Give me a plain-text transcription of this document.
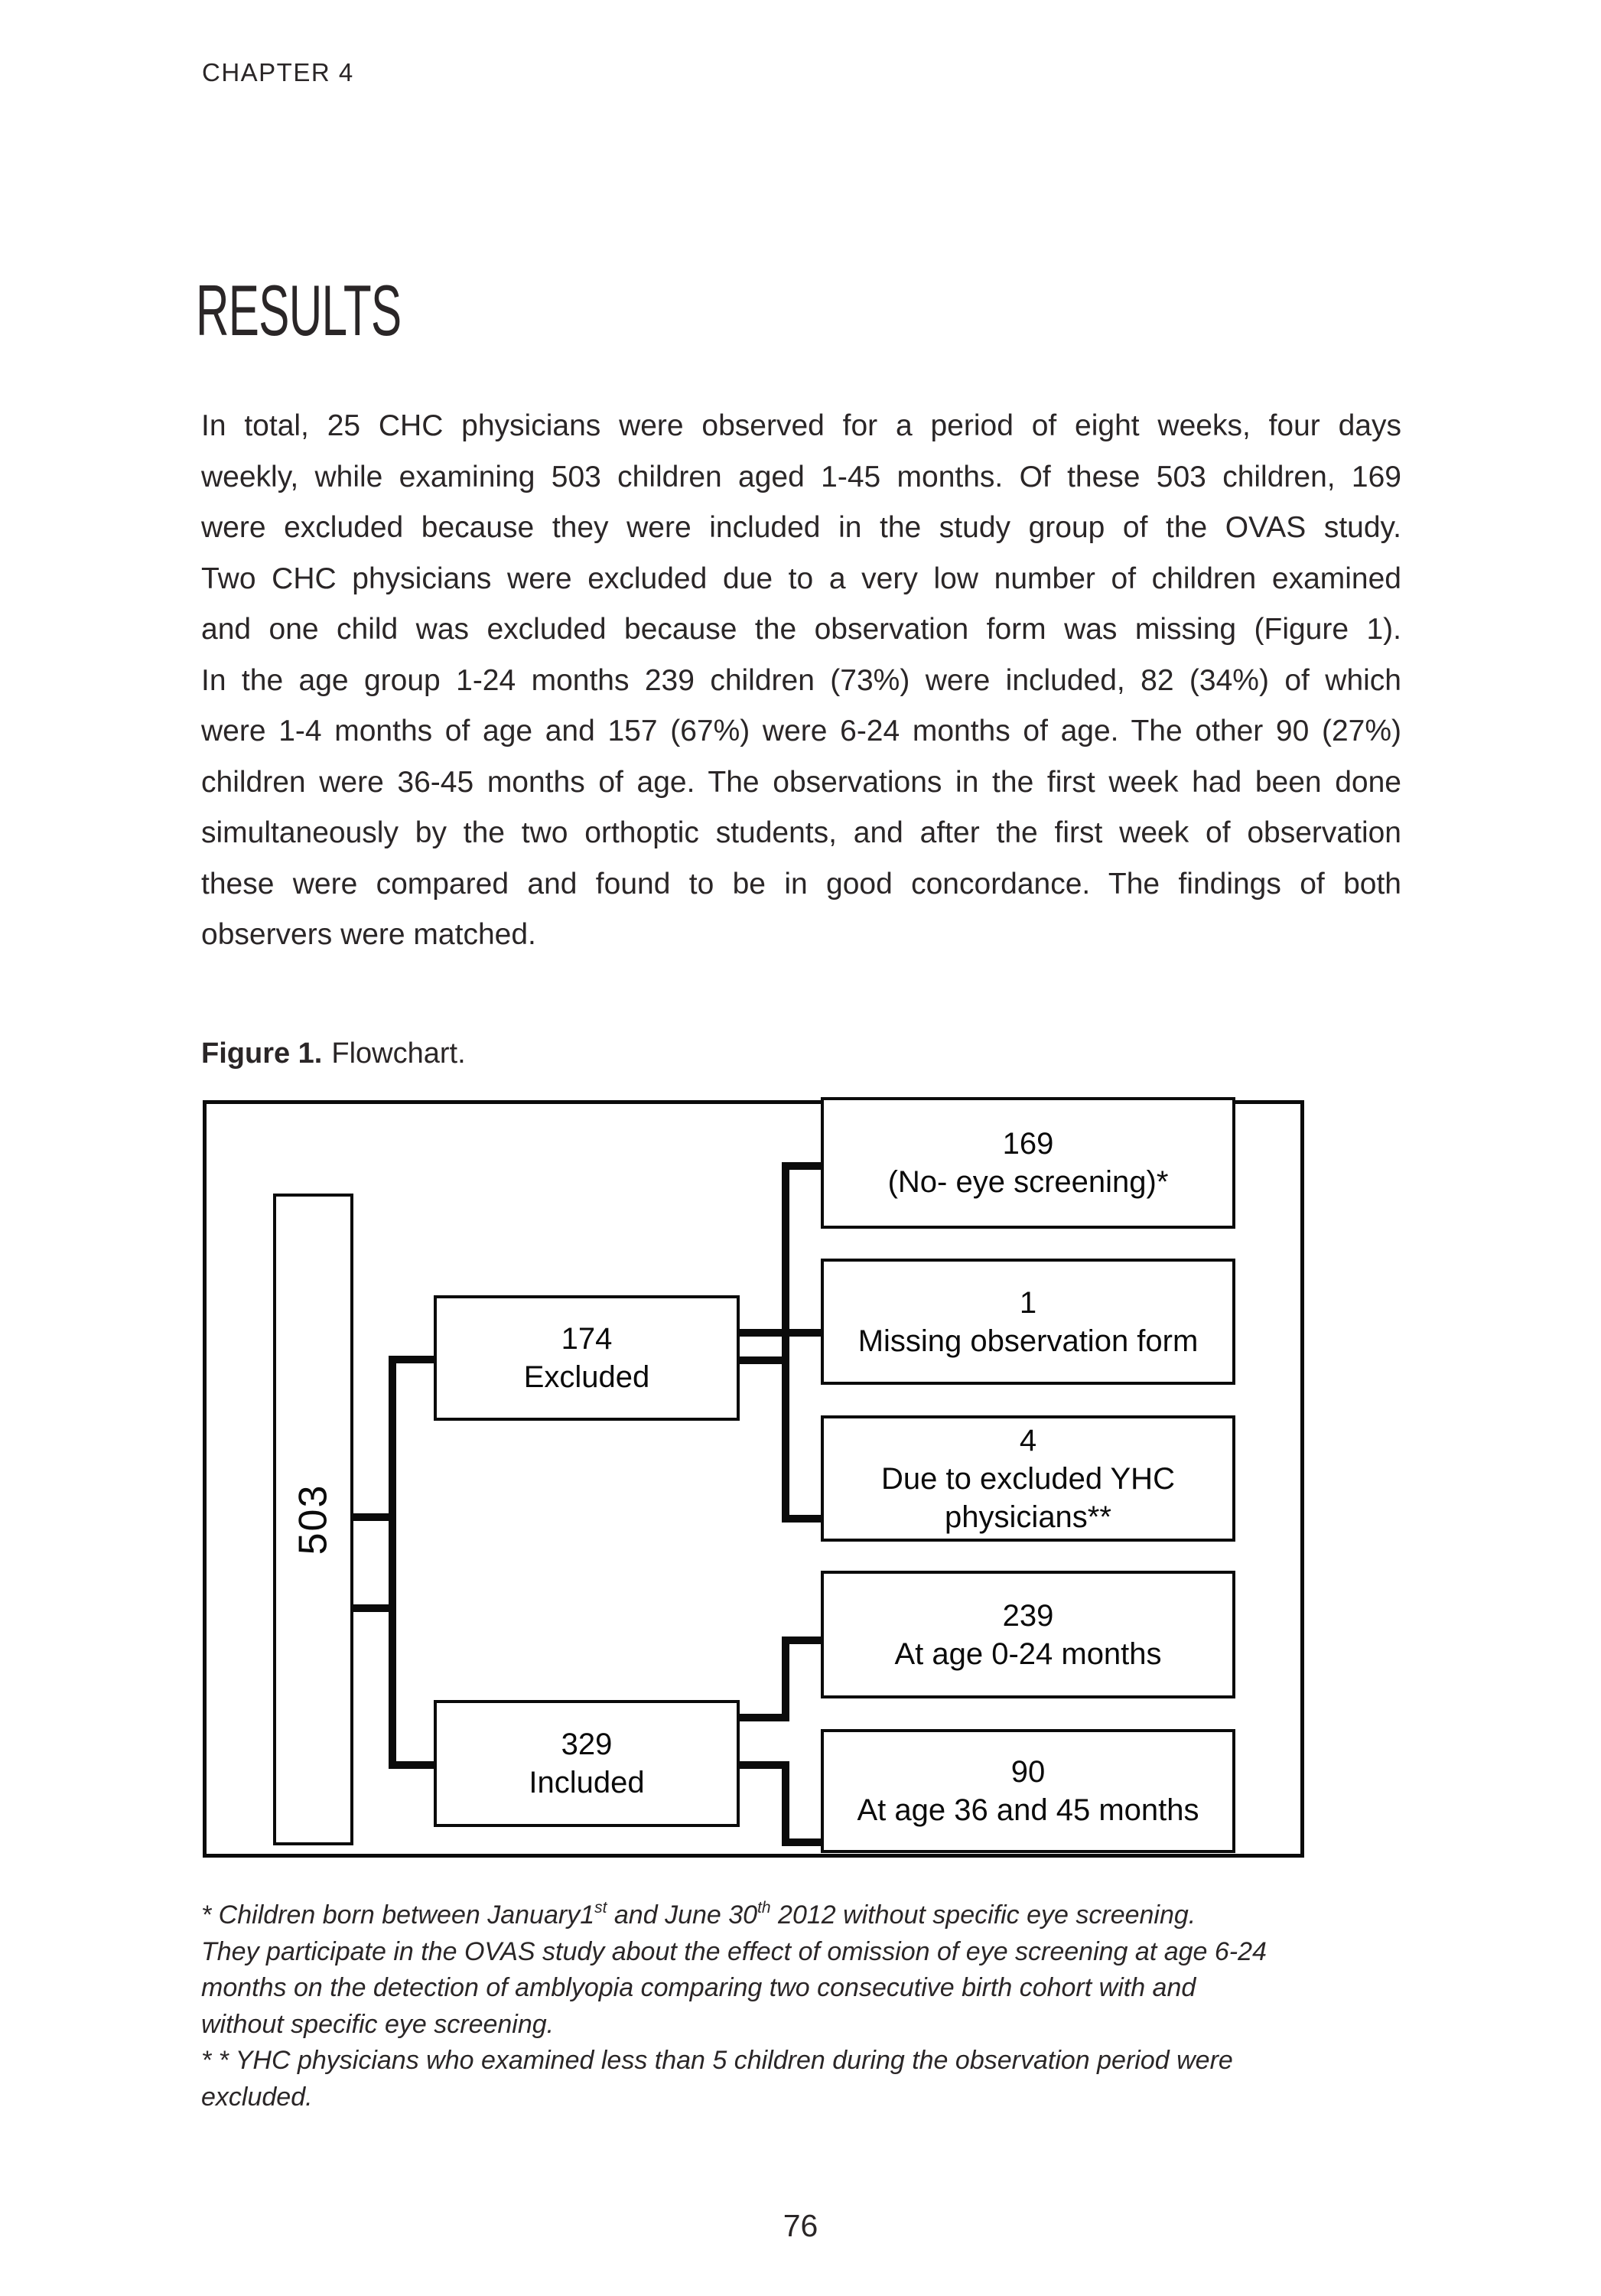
CHAPTER 4
RESULTS
In total, 25 CHC physicians were observed for a period of eight weeks, four days
weekly, while examining 503 children aged 1-45 months. Of these 503 children, 169
were excluded because they were included in the study group of the OVAS study.
Two CHC physicians were excluded due to a very low number of children examined
and one child was excluded because the observation form was missing (Figure 1).
In the age group 1-24 months 239 children (73%) were included, 82 (34%) of which
were 1-4 months of age and 157 (67%) were 6-24 months of age. The other 90 (27%)
children were 36-45 months of age. The observations in the first week had been done
simultaneously by the two orthoptic students, and after the first week of observation
these were compared and found to be in good concordance. The findings of both
observers were matched.
Figure 1. Flowchart.
503
174
Excluded
329
Included
169
(No- eye screening)*
1
Missing observation form
4
Due to excluded YHC physicians**
239
At age 0-24 months
90
At age 36 and 45 months
* Children born between January1st and June 30th 2012 without specific eye screening.
They participate in the OVAS study about the effect of omission of eye screening at age 6-24
months on the detection of amblyopia comparing two consecutive birth cohort with and
without specific eye screening.
* * YHC physicians who examined less than 5 children during the observation period were
excluded.
76
